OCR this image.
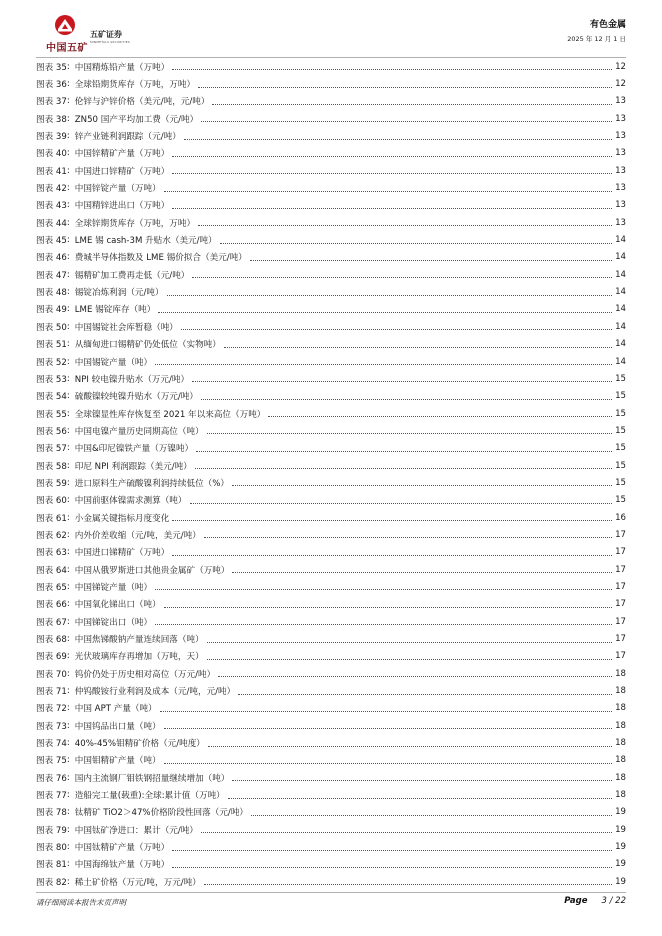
中国五矿
五矿证券
MINMETALS SECURITIES
有色金属
2025 年 12 月 1 日
图表 35 : 中国精炼铅产量（万吨）	12
图表 36 : 全球铅期货库存（万吨，万吨）	12
图表 37 : 伦锌与沪锌价格（美元/吨，元/吨）	13
图表 38 : ZN50 国产平均加工费（元/吨）	13
图表 39 : 锌产业链利润跟踪（元/吨）	13
图表 40 : 中国锌精矿产量（万吨）	13
图表 41 : 中国进口锌精矿（万吨）	13
图表 42 : 中国锌锭产量（万吨）	13
图表 43 : 中国精锌进出口（万吨）	13
图表 44 : 全球锌期货库存（万吨，万吨）	13
图表 45 : LME 锡 cash-3M 升贴水（美元/吨）	14
图表 46 : 费城半导体指数及 LME 锡价拟合（美元/吨）	14
图表 47 : 锡精矿加工费再走低（元/吨）	14
图表 48 : 锡锭冶炼利润（元/吨）	14
图表 49 : LME 锡锭库存（吨）	14
图表 50 : 中国锡锭社会库暂稳（吨）	14
图表 51 : 从缅甸进口锡精矿仍处低位（实物吨）	14
图表 52 : 中国锡锭产量（吨）	14
图表 53 : NPI 较电镍升贴水（万元/吨）	15
图表 54 : 硫酸镍较纯镍升贴水（万元/吨）	15
图表 55 : 全球镍显性库存恢复至 2021 年以来高位（万吨）	15
图表 56 : 中国电镍产量历史同期高位（吨）	15
图表 57 : 中国&印尼镍铁产量（万镍吨）	15
图表 58 : 印尼 NPI 利润跟踪（美元/吨）	15
图表 59 : 进口原料生产硫酸镍利润持续低位（%）	15
图表 60 : 中国前驱体镍需求测算（吨）	15
图表 61 : 小金属关键指标月度变化	16
图表 62 : 内外价差收缩（元/吨，美元/吨）	17
图表 63 : 中国进口锑精矿（万吨）	17
图表 64 : 中国从俄罗斯进口其他贵金属矿（万吨）	17
图表 65 : 中国锑锭产量（吨）	17
图表 66 : 中国氧化锑出口（吨）	17
图表 67 : 中国锑锭出口（吨）	17
图表 68 : 中国焦锑酸钠产量连续回落（吨）	17
图表 69 : 光伏玻璃库存再增加（万吨，天）	17
图表 70 : 钨价仍处于历史相对高位（万元/吨）	18
图表 71 : 仲钨酸铵行业利润及成本（元/吨，元/吨）	18
图表 72 : 中国 APT 产量（吨）	18
图表 73 : 中国钨品出口量（吨）	18
图表 74 : 40%-45%钼精矿价格（元/吨度）	18
图表 75 : 中国钼精矿产量（吨）	18
图表 76 : 国内主流钢厂钼铁钢招量继续增加（吨）	18
图表 77 : 造船完工量(载重):全球:累计值（万吨）	18
图表 78 : 钛精矿 TiO2＞47%价格阶段性回落（元/吨）	19
图表 79 : 中国钛矿净进口：累计（元/吨）	19
图表 80 : 中国钛精矿产量（万吨）	19
图表 81 : 中国海绵钛产量（万吨）	19
图表 82 : 稀土矿价格（万元/吨，万元/吨）	19
请仔细阅读本报告末页声明	Page 3 / 22
